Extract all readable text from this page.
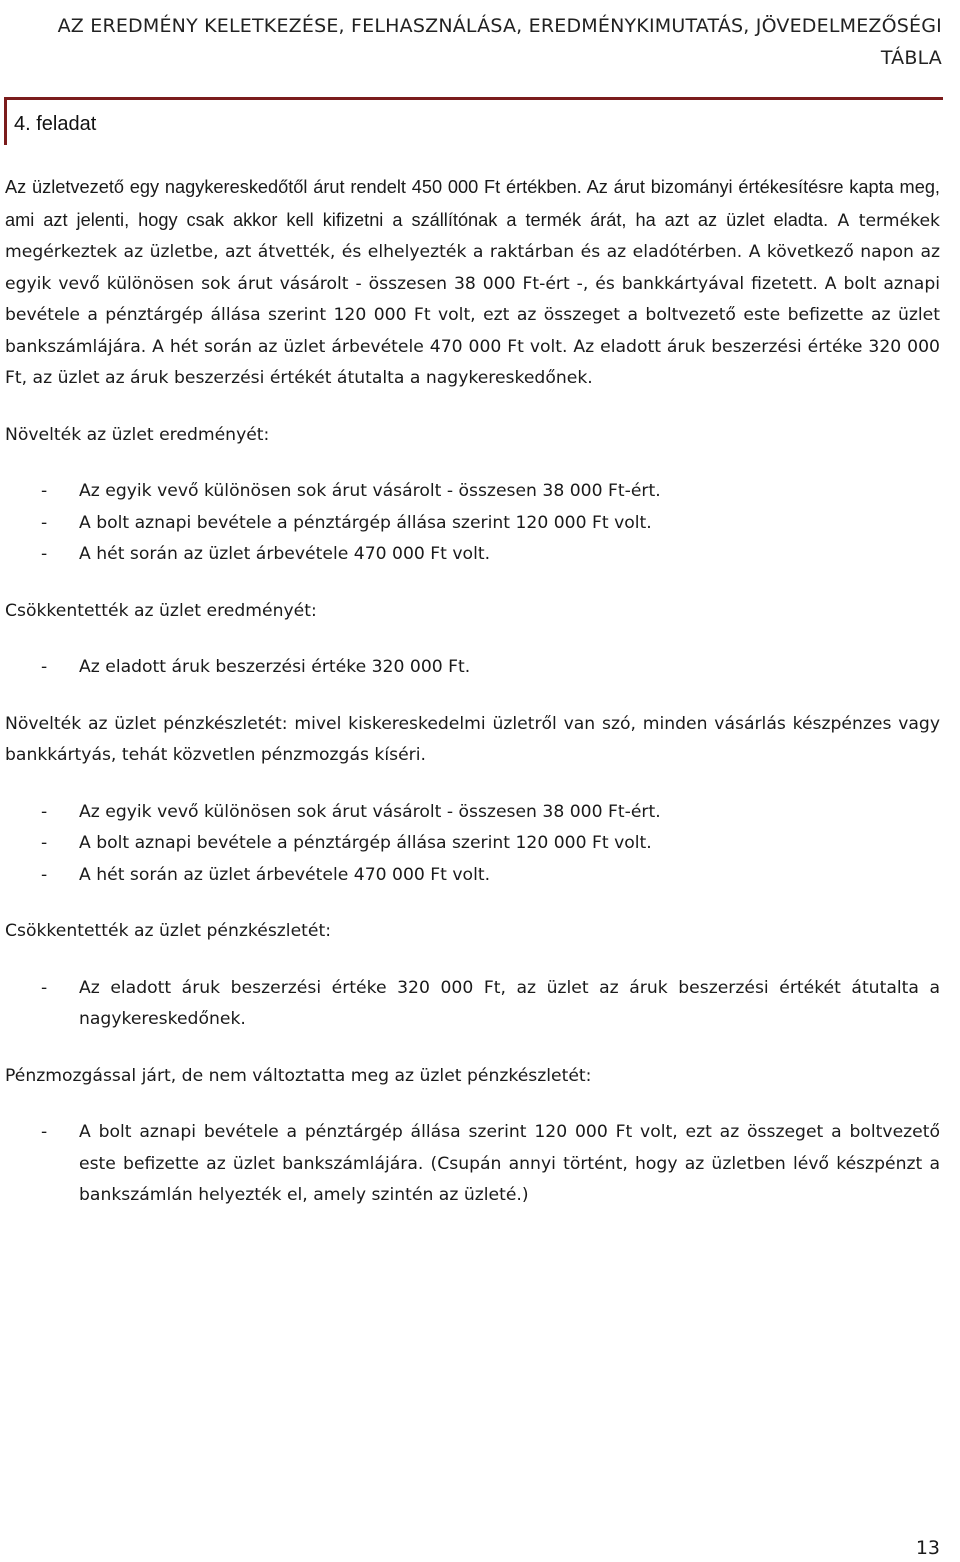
AZ EREDMÉNY KELETKEZÉSE, FELHASZNÁLÁSA, EREDMÉNYKIMUTATÁS, JÖVEDELMEZŐSÉGI TÁBLA
4. feladat

Az üzletvezető egy nagykereskedőtől árut rendelt 450 000 Ft értékben. Az árut bizományi értékesítésre kapta meg, ami azt jelenti, hogy csak akkor kell kifizetni a szállítónak a termék árát, ha azt az üzlet eladta. A termékek megérkeztek az üzletbe, azt átvették, és elhelyezték a raktárban és az eladótérben. A következő napon az egyik vevő különösen sok árut vásárolt - összesen 38 000 Ft-ért -, és bankkártyával fizetett. A bolt aznapi bevétele a pénztárgép állása szerint 120 000 Ft volt, ezt az összeget a boltvezető este befizette az üzlet bankszámlájára. A hét során az üzlet árbevétele 470 000 Ft volt. Az eladott áruk beszerzési értéke 320 000 Ft, az üzlet az áruk beszerzési értékét átutalta a nagykereskedőnek.

Növelték az üzlet eredményét:

- Az egyik vevő különösen sok árut vásárolt - összesen 38 000 Ft-ért.
- A bolt aznapi bevétele a pénztárgép állása szerint 120 000 Ft volt.
- A hét során az üzlet árbevétele 470 000 Ft volt.

Csökkentették az üzlet eredményét:

- Az eladott áruk beszerzési értéke 320 000 Ft.

Növelték az üzlet pénzkészletét: mivel kiskereskedelmi üzletről van szó, minden vásárlás készpénzes vagy bankkártyás, tehát közvetlen pénzmozgás kíséri.

- Az egyik vevő különösen sok árut vásárolt - összesen 38 000 Ft-ért.
- A bolt aznapi bevétele a pénztárgép állása szerint 120 000 Ft volt.
- A hét során az üzlet árbevétele 470 000 Ft volt.

Csökkentették az üzlet pénzkészletét:

- Az eladott áruk beszerzési értéke 320 000 Ft, az üzlet az áruk beszerzési értékét átutalta a nagykereskedőnek.

Pénzmozgással járt, de nem változtatta meg az üzlet pénzkészletét:

- A bolt aznapi bevétele a pénztárgép állása szerint 120 000 Ft volt, ezt az összeget a boltvezető este befizette az üzlet bankszámlájára. (Csupán annyi történt, hogy az üzletben lévő készpénzt a bankszámlán helyezték el, amely szintén az üzleté.)
13
